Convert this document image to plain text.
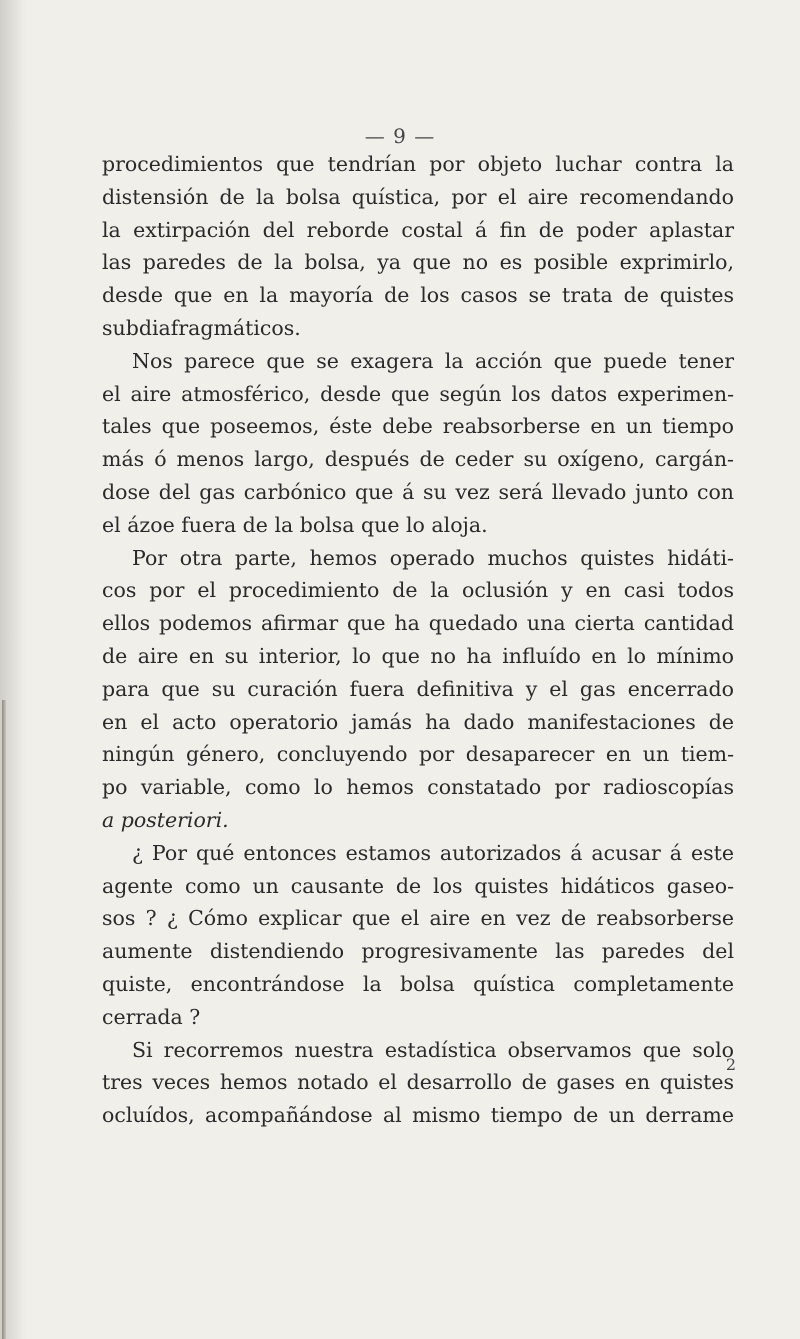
— 9 —
procedimientos que tendrían por objeto luchar contra la
distensión de la bolsa quística, por el aire recomendando
la extirpación del reborde costal á fin de poder aplastar
las paredes de la bolsa, ya que no es posible exprimirlo,
desde que en la mayoría de los casos se trata de quistes
subdiafragmáticos.
Nos parece que se exagera la acción que puede tener
el aire atmosférico, desde que según los datos experimen-
tales que poseemos, éste debe reabsorberse en un tiempo
más ó menos largo, después de ceder su oxígeno, cargán-
dose del gas carbónico que á su vez será llevado junto con
el ázoe fuera de la bolsa que lo aloja.
Por otra parte, hemos operado muchos quistes hidáti-
cos por el procedimiento de la oclusión y en casi todos
ellos podemos afirmar que ha quedado una cierta cantidad
de aire en su interior, lo que no ha influído en lo mínimo
para que su curación fuera definitiva y el gas encerrado
en el acto operatorio jamás ha dado manifestaciones de
ningún género, concluyendo por desaparecer en un tiem-
po variable, como lo hemos constatado por radioscopías
a posteriori.
¿ Por qué entonces estamos autorizados á acusar á este
agente como un causante de los quistes hidáticos gaseo-
sos ? ¿ Cómo explicar que el aire en vez de reabsorberse
aumente distendiendo progresivamente las paredes del
quiste, encontrándose la bolsa quística completamente
cerrada ?
Si recorremos nuestra estadística observamos que solo
tres veces hemos notado el desarrollo de gases en quistes
ocluídos, acompañándose al mismo tiempo de un derrame
2
